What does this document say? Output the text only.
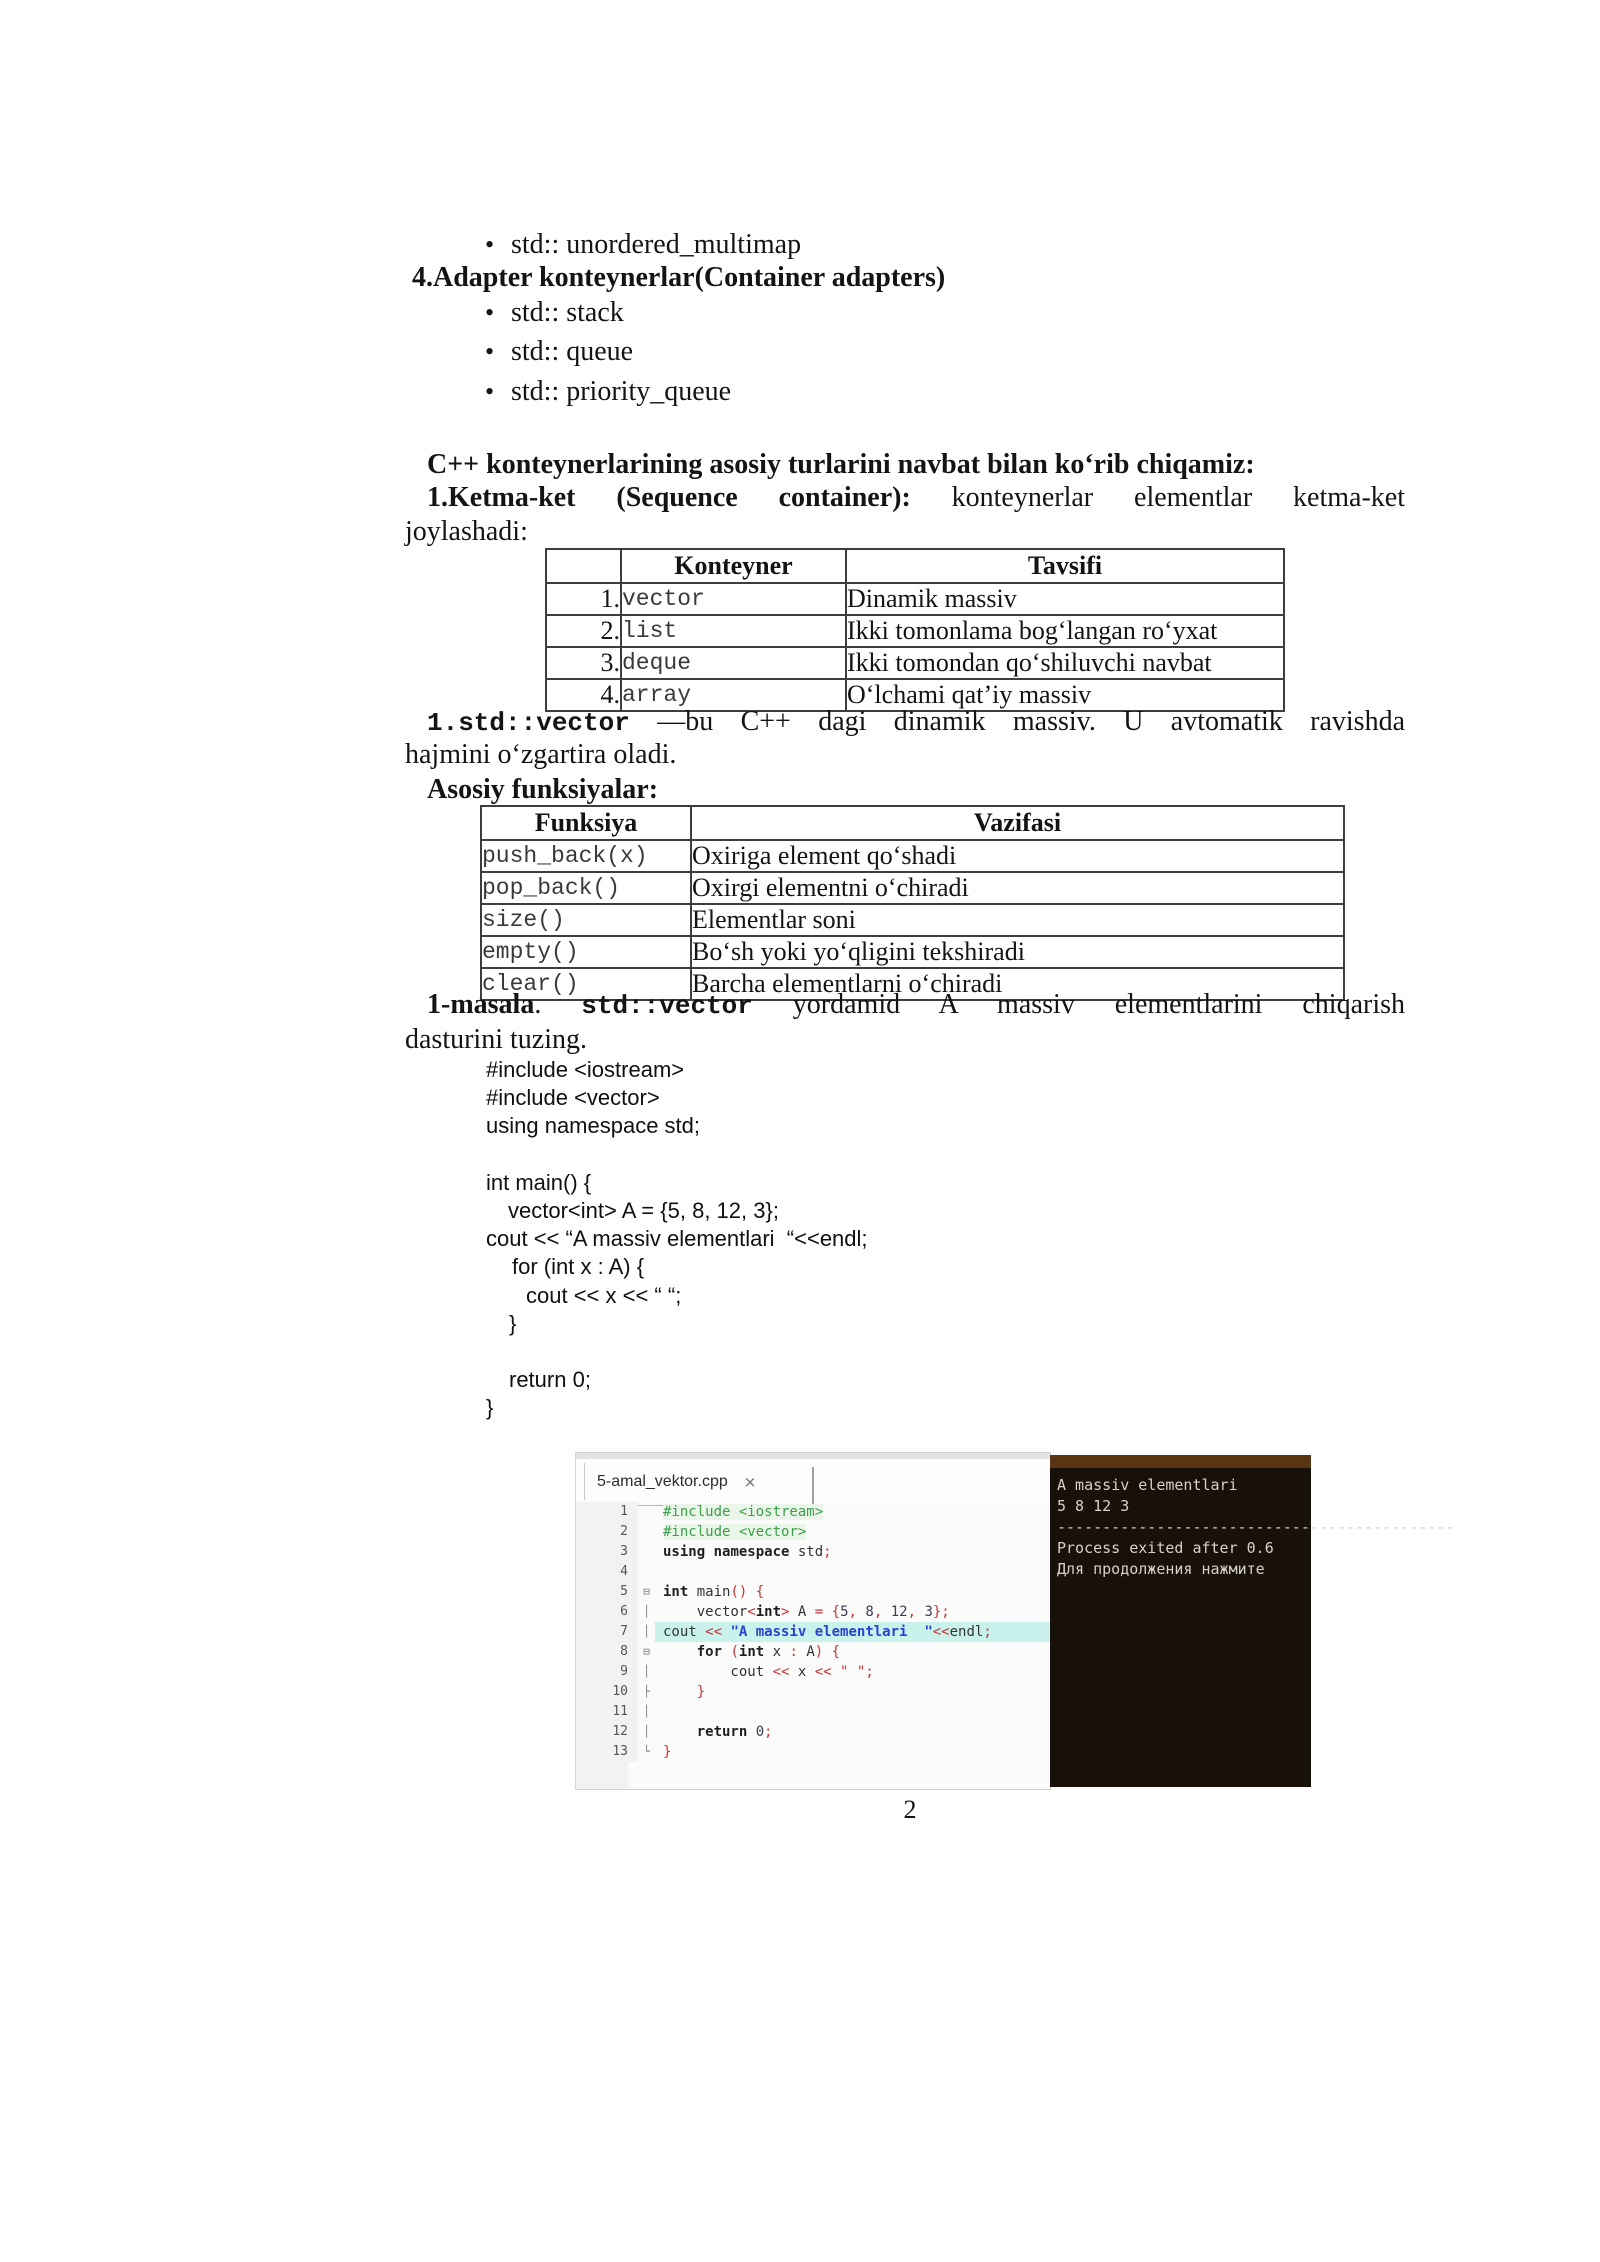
• std:: unordered_multimap
4.Adapter konteynerlar(Container adapters)
• std:: stack
• std:: queue
• std:: priority_queue
C++ konteynerlarining asosiy turlarini navbat bilan ko‘rib chiqamiz:
1.Ketma-ket (Sequence container): konteynerlar elementlar ketma-ket
joylashadi:
	Konteyner	Tavsifi
1.	vector	Dinamik massiv
2.	list	Ikki tomonlama bog‘langan ro‘yxat
3.	deque	Ikki tomondan qo‘shiluvchi navbat
4.	array	O‘lchami qat’iy massiv
1.std::vector —bu C++ dagi dinamik massiv. U avtomatik ravishda
hajmini o‘zgartira oladi.
Asosiy funksiyalar:
Funksiya	Vazifasi
push_back(x)	Oxiriga element qo‘shadi
pop_back()	Oxirgi elementni o‘chiradi
size()	Elementlar soni
empty()	Bo‘sh yoki yo‘qligini tekshiradi
clear()	Barcha elementlarni o‘chiradi
1-masala. std::vector yordamid A massiv elementlarini chiqarish
dasturini tuzing.
#include <iostream>
#include <vector>
using namespace std;

int main() {
vector<int> A = {5, 8, 12, 3};
cout << “A massiv elementlari  “<<endl;
for (int x : A) {
cout << x << “ “;
}

return 0;
}
5-amal_vektor.cpp ×
1	#include <iostream>
2	#include <vector>
3	using namespace std;
4
5	⊟ int main() {
6	│ vector<int> A = {5, 8, 12, 3};
7	│ cout << "A massiv elementlari  "<<endl;
8	⊟	for (int x : A) {
9	│ cout << x << " ";
10	├	}
11	│
12	│	return 0;
13	└ }
A massiv elementlari
5 8 12 3
--------------------------------------------
Process exited after 0.6
Для продолжения нажмите
2
